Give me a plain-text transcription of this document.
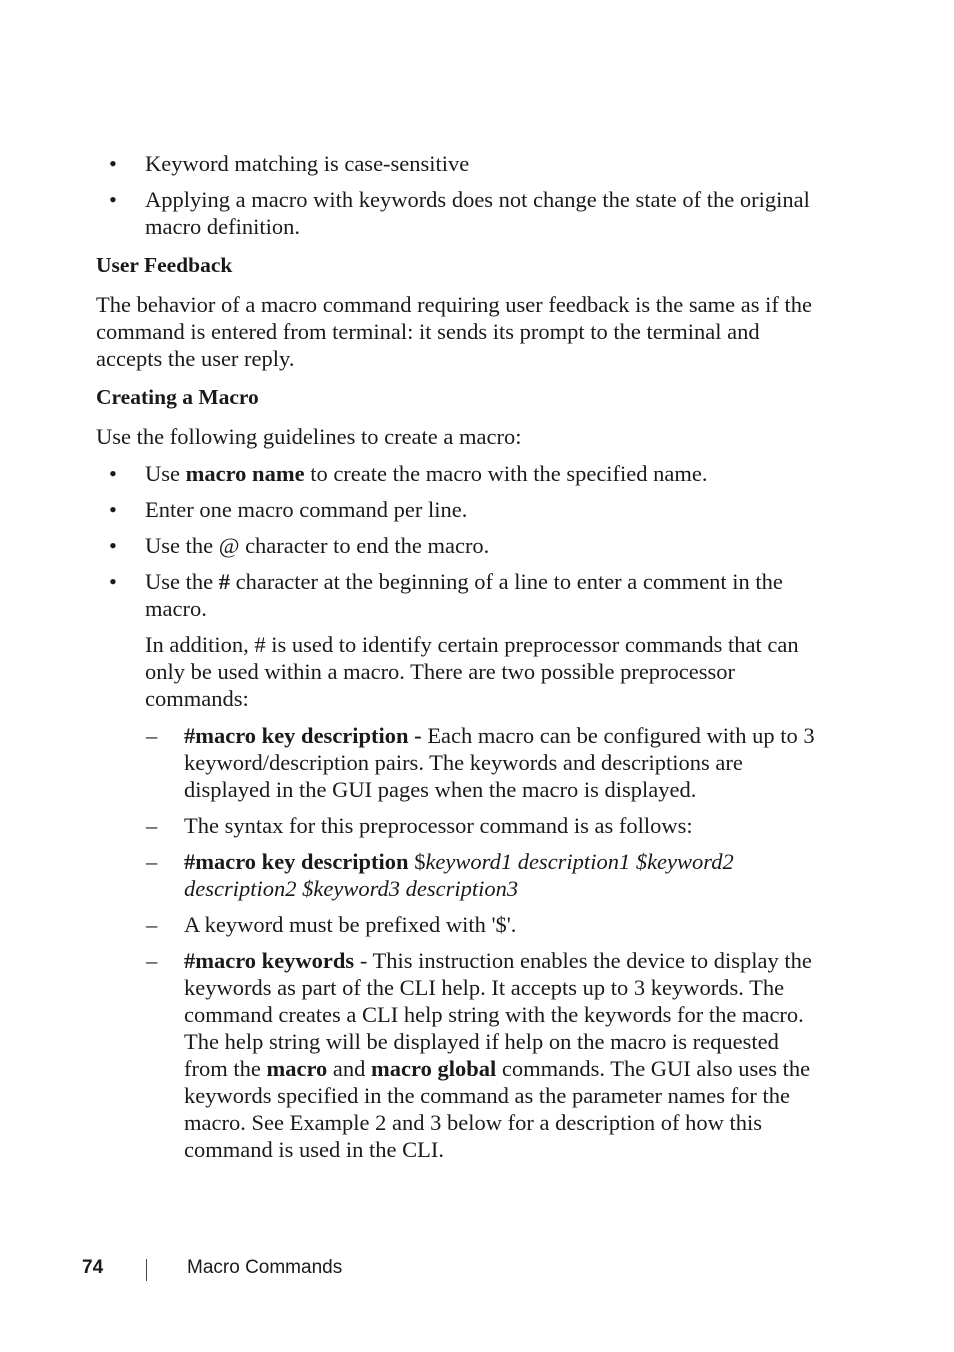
• Keyword matching is case-sensitive
• Applying a macro with keywords does not change the state of the original macro definition.
User Feedback
The behavior of a macro command requiring user feedback is the same as if the command is entered from terminal: it sends its prompt to the terminal and accepts the user reply.
Creating a Macro
Use the following guidelines to create a macro:
• Use macro name to create the macro with the specified name.
• Enter one macro command per line.
• Use the @ character to end the macro.
• Use the # character at the beginning of a line to enter a comment in the macro.
In addition, # is used to identify certain preprocessor commands that can only be used within a macro. There are two possible preprocessor commands:
– #macro key description - Each macro can be configured with up to 3 keyword/description pairs. The keywords and descriptions are displayed in the GUI pages when the macro is displayed.
– The syntax for this preprocessor command is as follows:
– #macro key description $keyword1 description1 $keyword2 description2 $keyword3 description3
– A keyword must be prefixed with '$'.
– #macro keywords - This instruction enables the device to display the keywords as part of the CLI help. It accepts up to 3 keywords. The command creates a CLI help string with the keywords for the macro. The help string will be displayed if help on the macro is requested from the macro and macro global commands. The GUI also uses the keywords specified in the command as the parameter names for the macro. See Example 2 and 3 below for a description of how this command is used in the CLI.
74	Macro Commands
